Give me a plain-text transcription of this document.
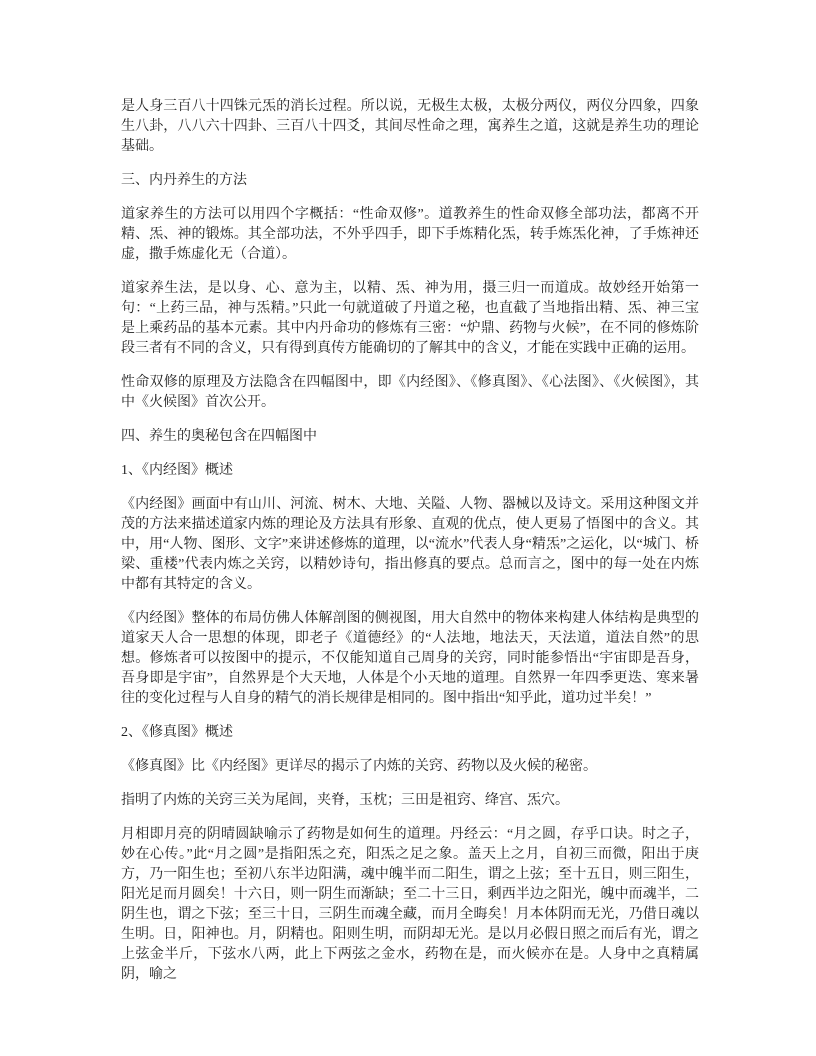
是人身三百八十四铢元炁的消长过程。所以说，无极生太极，太极分两仪，两仪分四象，四象生八卦，八八六十四卦、三百八十四爻，其间尽性命之理，寓养生之道，这就是养生功的理论基础。

三、内丹养生的方法

道家养生的方法可以用四个字概括：“性命双修”。道教养生的性命双修全部功法，都离不开精、炁、神的锻炼。其全部功法，不外乎四手，即下手炼精化炁，转手炼炁化神，了手炼神还虚，撒手炼虚化无（合道）。

道家养生法，是以身、心、意为主，以精、炁、神为用，摄三归一而道成。故妙经开始第一句：“上药三品，神与炁精。”只此一句就道破了丹道之秘，也直截了当地指出精、炁、神三宝是上乘药品的基本元素。其中内丹命功的修炼有三密：“炉鼎、药物与火候”，在不同的修炼阶段三者有不同的含义，只有得到真传方能确切的了解其中的含义，才能在实践中正确的运用。

性命双修的原理及方法隐含在四幅图中，即《内经图》、《修真图》、《心法图》、《火候图》，其中《火候图》首次公开。

四、养生的奥秘包含在四幅图中

1、《内经图》概述

《内经图》画面中有山川、河流、树木、大地、关隘、人物、器械以及诗文。采用这种图文并茂的方法来描述道家内炼的理论及方法具有形象、直观的优点，使人更易了悟图中的含义。其中，用“人物、图形、文字”来讲述修炼的道理，以“流水”代表人身“精炁”之运化，以“城门、桥梁、重楼”代表内炼之关窍，以精妙诗句，指出修真的要点。总而言之，图中的每一处在内炼中都有其特定的含义。

《内经图》整体的布局仿佛人体解剖图的侧视图，用大自然中的物体来构建人体结构是典型的道家天人合一思想的体现，即老子《道德经》的“人法地，地法天，天法道，道法自然”的思想。修炼者可以按图中的提示，不仅能知道自己周身的关窍，同时能参悟出“宇宙即是吾身，吾身即是宇宙”，自然界是个大天地，人体是个小天地的道理。自然界一年四季更迭、寒来暑往的变化过程与人自身的精气的消长规律是相同的。图中指出“知乎此，道功过半矣！”

2、《修真图》概述

《修真图》比《内经图》更详尽的揭示了内炼的关窍、药物以及火候的秘密。

指明了内炼的关窍三关为尾闾，夹脊，玉枕；三田是祖窍、绛宫、炁穴。

月相即月亮的阴晴圆缺喻示了药物是如何生的道理。丹经云：“月之圆，存乎口诀。时之子，妙在心传。”此“月之圆”是指阳炁之充，阳炁之足之象。盖天上之月，自初三而微，阳出于庚方，乃一阳生也；至初八东半边阳满，魂中魄半而二阳生，谓之上弦；至十五日，则三阳生，阳光足而月圆矣！十六日，则一阴生而渐缺；至二十三日，剩西半边之阳光，魄中而魂半，二阴生也，谓之下弦；至三十日，三阴生而魂全藏，而月全晦矣！月本体阴而无光，乃借日魂以生明。日，阳神也。月，阴精也。阳则生明，而阴却无光。是以月必假日照之而后有光，谓之上弦金半斤，下弦水八两，此上下两弦之金水，药物在是，而火候亦在是。人身中之真精属阴，喻之
